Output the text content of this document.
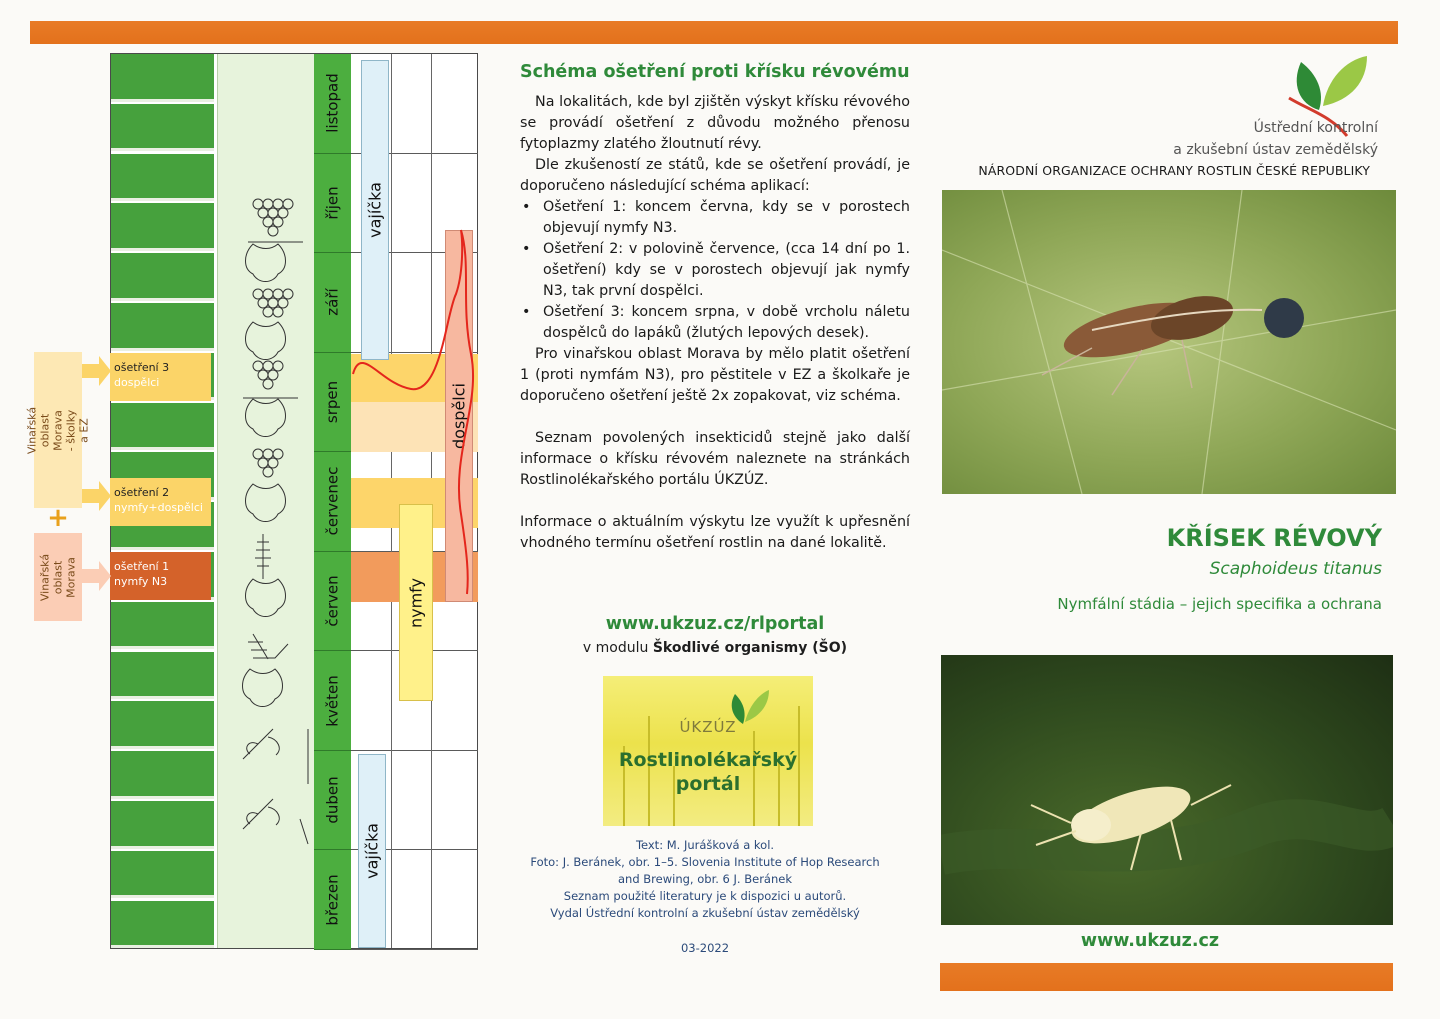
listopad
říjen
září
srpen
červenec
červen
květen
duben
březen
vajíčka
vajíčka
nymfy
dospělci
ošetření 3
dospělci
ošetření 2
nymfy+dospělci
ošetření 1
nymfy N3
Vinařská oblast Morava - školky a EZ
+
Vinařská oblast Morava
Schéma ošetření proti křísku révovému

Na lokalitách, kde byl zjištěn výskyt křísku révového se provádí ošetření z důvodu možného přenosu fytoplazmy zlatého žloutnutí révy.

Dle zkušeností ze států, kde se ošetření provádí, je doporučeno následující schéma aplikací:

• Ošetření 1: koncem června, kdy se v porostech objevují nymfy N3.
• Ošetření 2: v polovině července, (cca 14 dní po 1. ošetření) kdy se v porostech objevují jak nymfy N3, tak první dospělci.
• Ošetření 3: koncem srpna, v době vrcholu náletu dospělců do lapáků (žlutých lepových desek).

Pro vinařskou oblast Morava by mělo platit ošetření 1 (proti nymfám N3), pro pěstitele v EZ a školkaře je doporučeno ošetření ještě 2x zopakovat, viz schéma.

Seznam povolených insekticidů stejně jako další informace o křísku révovém naleznete na stránkách Rostlinolékařského portálu ÚKZÚZ.

Informace o aktuálním výskytu lze využít k upřesnění vhodného termínu ošetření rostlin na dané lokalitě.

www.ukzuz.cz/rlportal
v modulu Škodlivé organismy (ŠO)
ÚKZÚZ
Rostlinolékařský
portál
Text: M. Jurášková a kol.
Foto: J. Beránek, obr. 1–5. Slovenia Institute of Hop Research
and Brewing, obr. 6 J. Beránek
Seznam použité literatury je k dispozici u autorů.
Vydal Ústřední kontrolní a zkušební ústav zemědělský
03-2022
Ústřední kontrolní
a zkušební ústav zemědělský
NÁRODNÍ ORGANIZACE OCHRANY ROSTLIN ČESKÉ REPUBLIKY
KŘÍSEK RÉVOVÝ
Scaphoideus titanus
Nymfální stádia – jejich specifika a ochrana
www.ukzuz.cz
